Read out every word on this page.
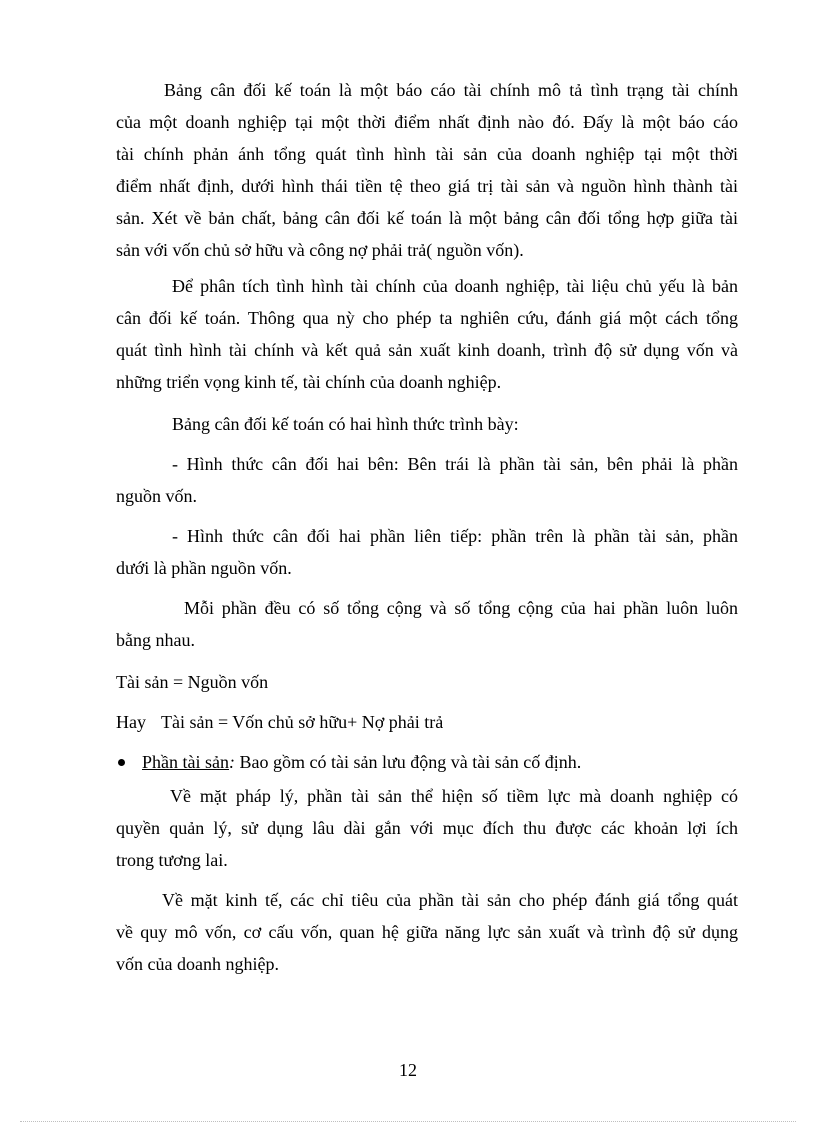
Bảng cân đối kế toán là một báo cáo tài chính mô tả tình trạng tài chính

của một doanh nghiệp tại một thời điểm nhất định nào đó. Đấy là một báo cáo

tài chính phản ánh tổng quát tình hình tài sản của doanh nghiệp tại một thời

điểm nhất định, dưới hình thái tiền tệ theo giá trị tài sản và nguồn hình thành tài

sản. Xét về bản chất, bảng cân đối kế toán là một bảng cân đối tổng hợp giữa tài

sản với vốn chủ sở hữu và công nợ phải trả( nguồn vốn).

Để phân tích tình hình tài chính của doanh nghiệp, tài liệu chủ yếu là bản

cân đối kế toán. Thông qua nỳ cho phép ta nghiên cứu, đánh giá một cách tổng

quát tình hình tài chính và kết quả sản xuất kinh doanh, trình độ sử dụng vốn và

những triển vọng kinh tế, tài chính của doanh nghiệp.

Bảng cân đối kế toán có hai hình thức trình bày:

- Hình thức cân đối hai bên: Bên trái là phần tài sản, bên phải là phần

nguồn vốn.

- Hình thức cân đối hai phần liên tiếp: phần trên là phần tài sản, phần

dưới là phần nguồn vốn.

Mỗi phần đều có số tổng cộng và số tổng cộng của hai phần luôn luôn

bằng nhau.

Tài sản = Nguồn vốn

Hay Tài sản = Vốn chủ sở hữu+ Nợ phải trả
Phần tài sản: Bao gồm có tài sản lưu động và tài sản cố định.

Về mặt pháp lý, phần tài sản thể hiện số tiềm lực mà doanh nghiệp có

quyền quản lý, sử dụng lâu dài gắn với mục đích thu được các khoản lợi ích

trong tương lai.

Về mặt kinh tế, các chỉ tiêu của phần tài sản cho phép đánh giá tổng quát

về quy mô vốn, cơ cấu vốn, quan hệ giữa năng lực sản xuất và trình độ sử dụng

vốn của doanh nghiệp.

12
